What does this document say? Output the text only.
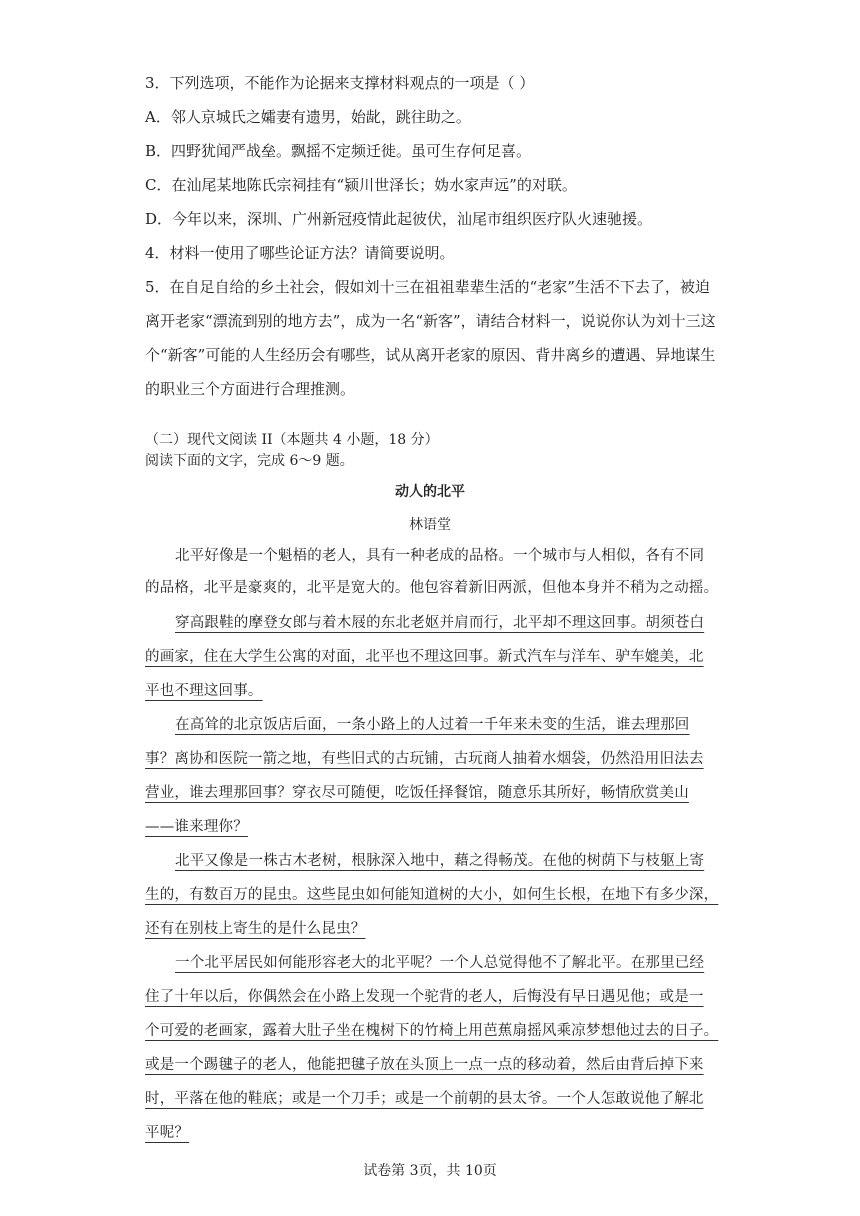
3．下列选项，不能作为论据来支撑材料观点的一项是（ ）
A．邻人京城氏之孀妻有遗男，始龀，跳往助之。
B．四野犹闻严战垒。飘摇不定频迁徙。虽可生存何足喜。
C．在汕尾某地陈氏宗祠挂有“颍川世泽长；妫水家声远”的对联。
D．今年以来，深圳、广州新冠疫情此起彼伏，汕尾市组织医疗队火速驰援。
4．材料一使用了哪些论证方法？请简要说明。
5．在自足自给的乡土社会，假如刘十三在祖祖辈辈生活的“老家”生活不下去了，被迫
离开老家“漂流到别的地方去”，成为一名“新客”，请结合材料一，说说你认为刘十三这
个“新客”可能的人生经历会有哪些，试从离开老家的原因、背井离乡的遭遇、异地谋生
的职业三个方面进行合理推测。
（二）现代文阅读 II（本题共 4 小题，18 分）
阅读下面的文字，完成 6～9 题。
动人的北平
林语堂
北平好像是一个魁梧的老人，具有一种老成的品格。一个城市与人相似，各有不同
的品格，北平是豪爽的，北平是宽大的。他包容着新旧两派，但他本身并不稍为之动摇。
穿高跟鞋的摩登女郎与着木屐的东北老妪并肩而行，北平却不理这回事。胡须苍白
的画家，住在大学生公寓的对面，北平也不理这回事。新式汽车与洋车、驴车媲美，北
平也不理这回事。
在高耸的北京饭店后面，一条小路上的人过着一千年来未变的生活，谁去理那回
事？离协和医院一箭之地，有些旧式的古玩铺，古玩商人抽着水烟袋，仍然沿用旧法去
营业，谁去理那回事？穿衣尽可随便，吃饭任择餐馆，随意乐其所好，畅情欣赏美山
——谁来理你？
北平又像是一株古木老树，根脉深入地中，藉之得畅茂。在他的树荫下与枝躯上寄
生的，有数百万的昆虫。这些昆虫如何能知道树的大小，如何生长根，在地下有多少深，
还有在别枝上寄生的是什么昆虫？
一个北平居民如何能形容老大的北平呢？一个人总觉得他不了解北平。在那里已经
住了十年以后，你偶然会在小路上发现一个驼背的老人，后悔没有早日遇见他；或是一
个可爱的老画家，露着大肚子坐在槐树下的竹椅上用芭蕉扇摇风乘凉梦想他过去的日子。
或是一个踢毽子的老人，他能把毽子放在头顶上一点一点的移动着，然后由背后掉下来
时，平落在他的鞋底；或是一个刀手；或是一个前朝的县太爷。一个人怎敢说他了解北
平呢？
试卷第 3页，共 10页
